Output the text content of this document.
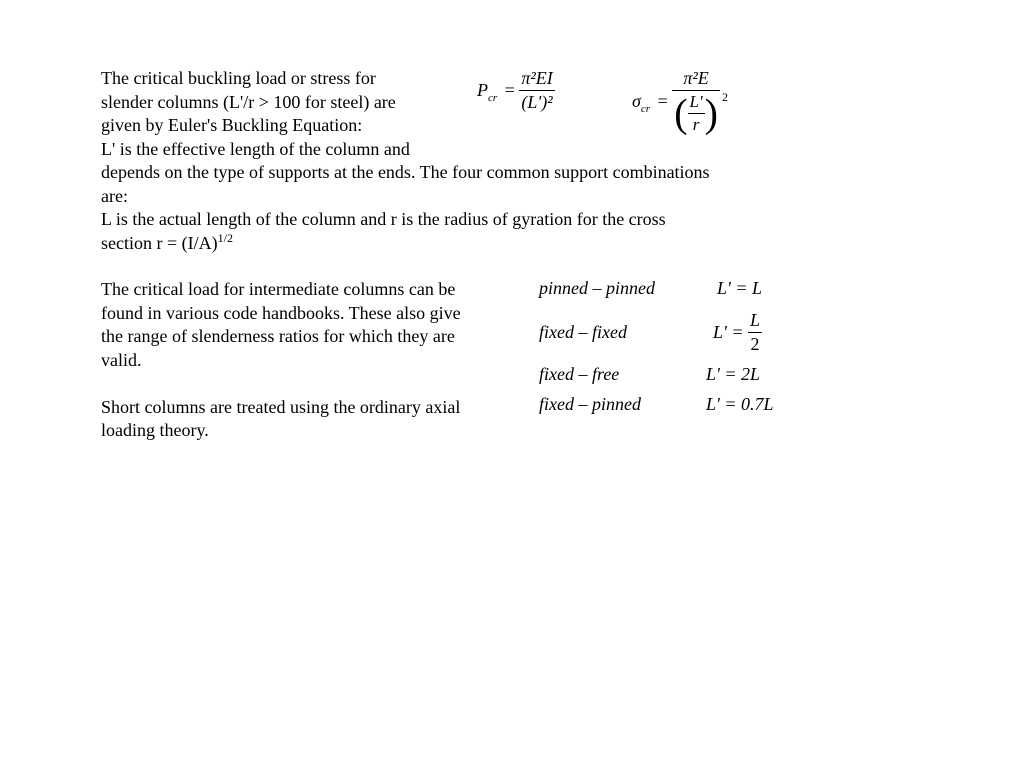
The critical buckling load or stress for
slender columns (L'/r > 100 for steel) are
given by Euler's Buckling Equation:
L' is the effective length of the column and
depends on the type of supports at the ends. The four common support combinations
are:
L is the actual length of the column and r is the radius of gyration for the cross
section $r = (I/A)^{1/2}$
$P_{cr} = \frac{\text{π²EI}}{\text{(L')²}}$	$\sigma_{cr} = \frac{\text{π²E}}{( \frac{L'}{r} ) 2}$
The critical load for intermediate columns can be
found in various code handbooks. These also give
the range of slenderness ratios for which they are
valid.
Short columns are treated using the ordinary axial
loading theory.
pinned – pinned	L' = L
fixed – fixed	$L' = \frac{L}{2}$
fixed – free	L' = 2L
fixed – pinned	L' = 0.7L
